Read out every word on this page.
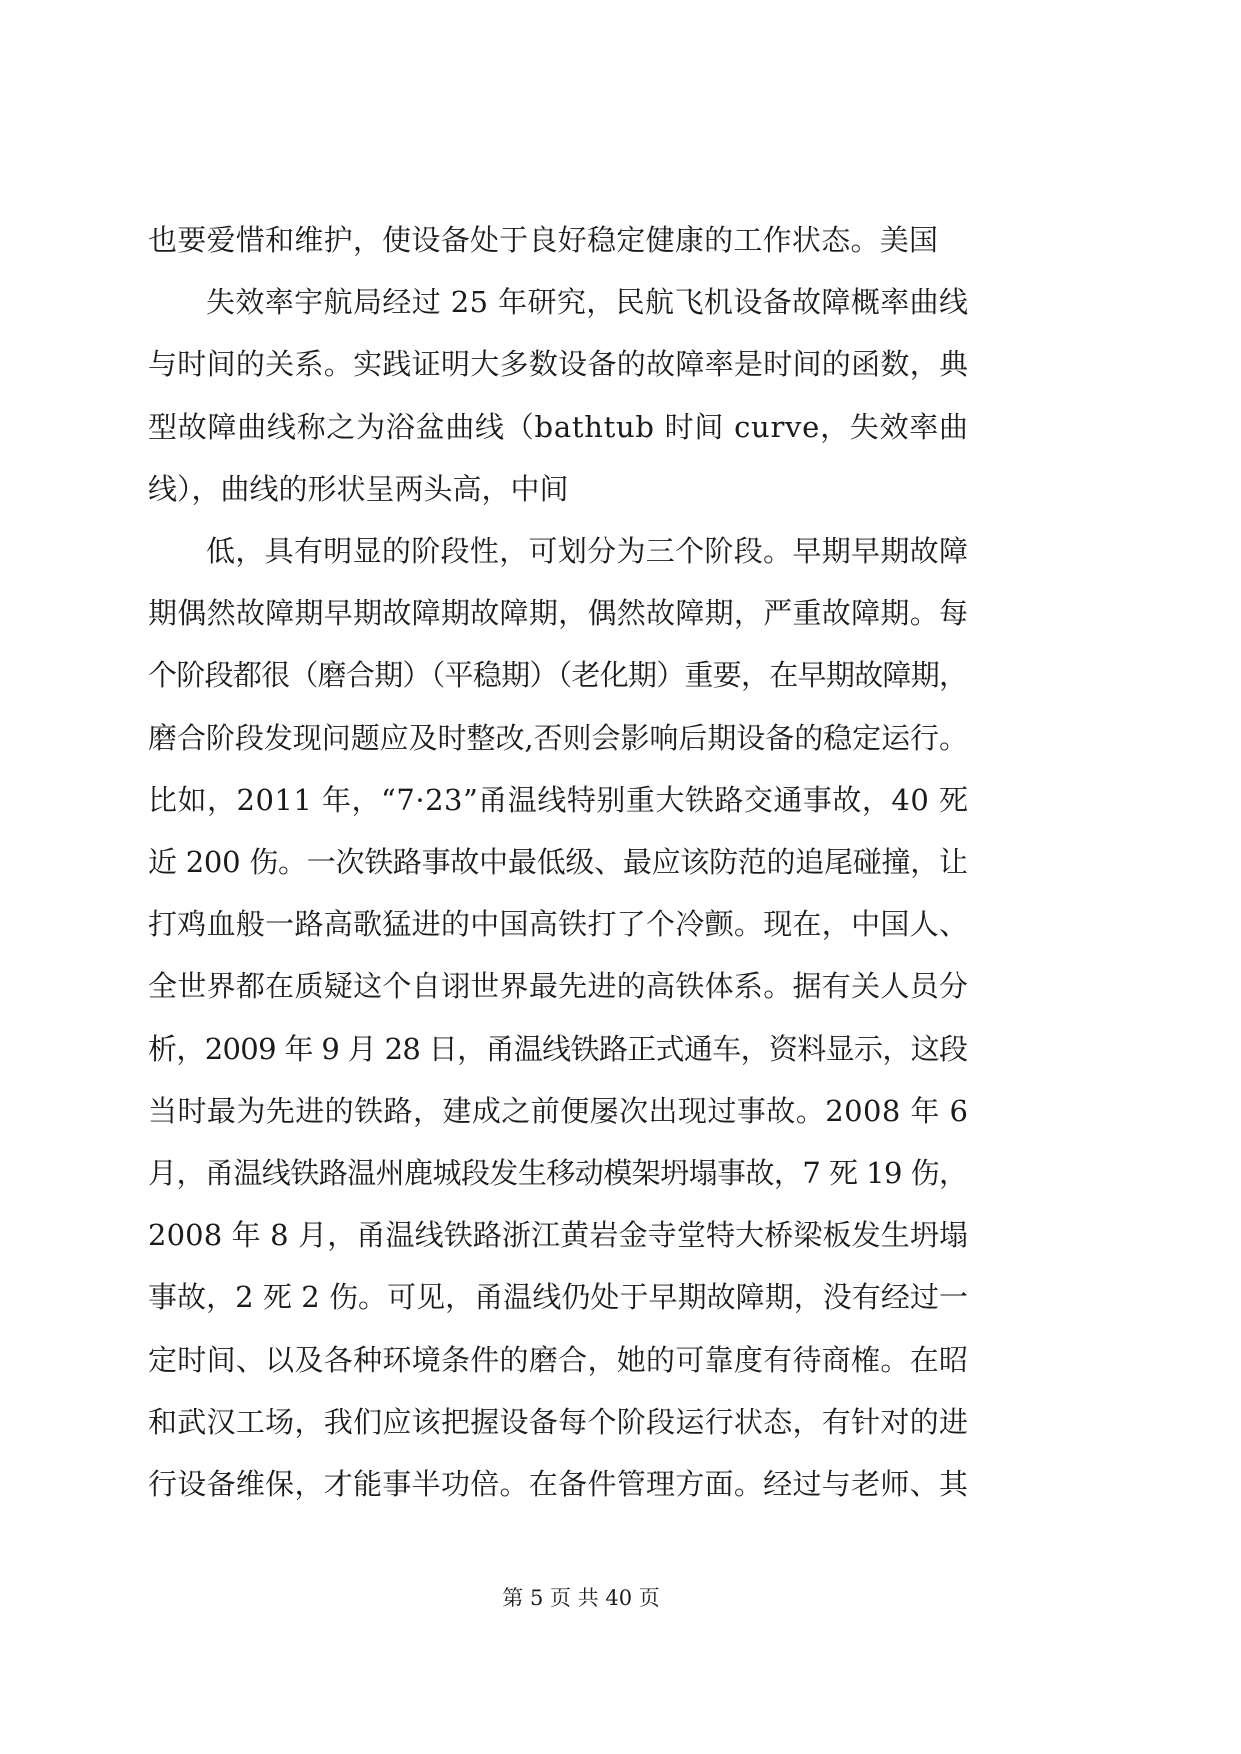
也要爱惜和维护，使设备处于良好稳定健康的工作状态。美国
失效率宇航局经过 25 年研究，民航飞机设备故障概率曲线
与时间的关系。实践证明大多数设备的故障率是时间的函数，典
型故障曲线称之为浴盆曲线（bathtub 时间 curve，失效率曲
线），曲线的形状呈两头高，中间
低，具有明显的阶段性，可划分为三个阶段。早期早期故障
期偶然故障期早期故障期故障期，偶然故障期，严重故障期。每
个阶段都很（磨合期）（平稳期）（老化期）重要，在早期故障期，
磨合阶段发现问题应及时整改,否则会影响后期设备的稳定运行。
比如，2011 年，“7·23”甬温线特别重大铁路交通事故，40 死
近 200 伤。一次铁路事故中最低级、最应该防范的追尾碰撞，让
打鸡血般一路高歌猛进的中国高铁打了个冷颤。现在，中国人、
全世界都在质疑这个自诩世界最先进的高铁体系。据有关人员分
析，2009 年 9 月 28 日，甬温线铁路正式通车，资料显示，这段
当时最为先进的铁路，建成之前便屡次出现过事故。2008 年 6
月，甬温线铁路温州鹿城段发生移动模架坍塌事故，7 死 19 伤，
2008 年 8 月，甬温线铁路浙江黄岩金寺堂特大桥梁板发生坍塌
事故，2 死 2 伤。可见，甬温线仍处于早期故障期，没有经过一
定时间、以及各种环境条件的磨合，她的可靠度有待商榷。在昭
和武汉工场，我们应该把握设备每个阶段运行状态，有针对的进
行设备维保，才能事半功倍。在备件管理方面。经过与老师、其
第 5 页 共 40 页
